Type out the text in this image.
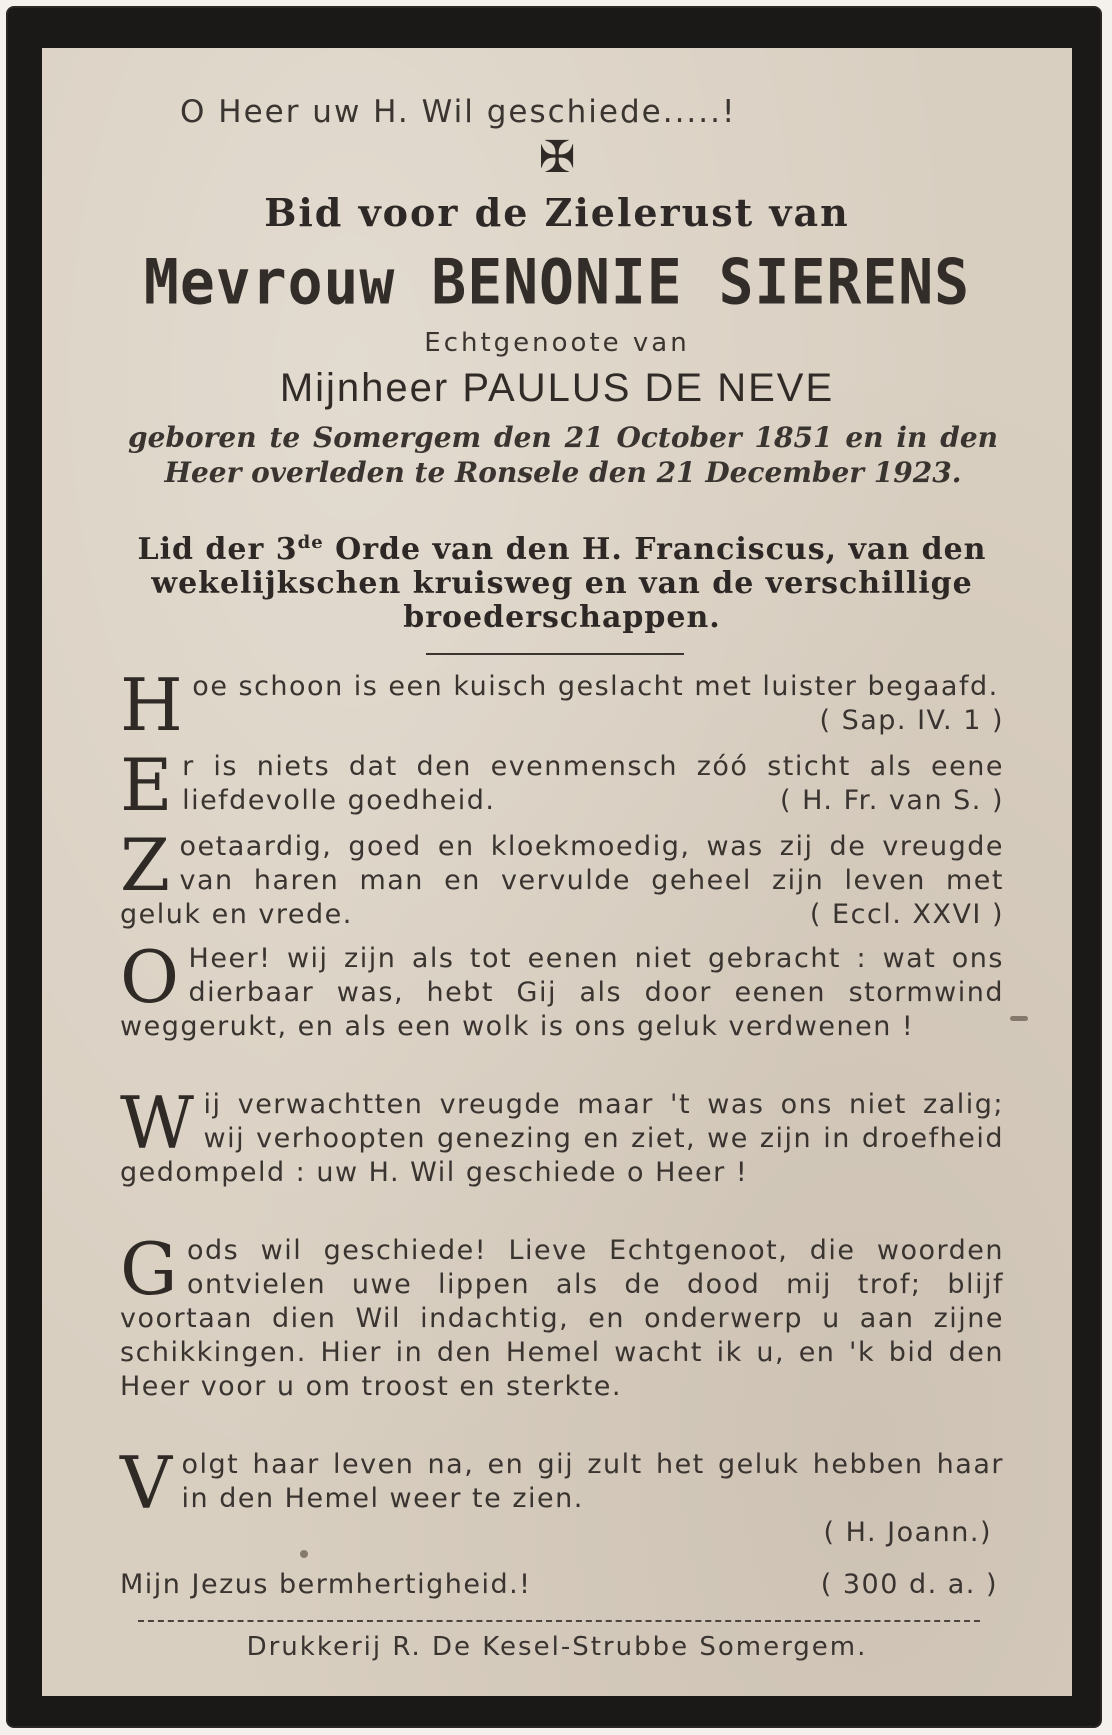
O Heer uw H. Wil geschiede.....!
✠
Bid voor de Zielerust van
Mevrouw BENONIE SIERENS
Echtgenoote van
Mijnheer PAULUS DE NEVE
geboren te Somergem den 21 October 1851 en in den Heer overleden te Ronsele den 21 December 1923.
Lid der 3de Orde van den H. Franciscus, van den wekelijkschen kruisweg en van de verschillige broederschappen.
H oe schoon is een kuisch geslacht met luister begaafd.
( Sap. IV. 1 )
E r is niets dat den evenmensch zóó sticht als eene liefdevolle goedheid.	( H. Fr. van S. )
Z oetaardig, goed en kloekmoedig, was zij de vreugde van haren man en vervulde geheel zijn leven met geluk en vrede.	( Eccl. XXVI )
O Heer! wij zijn als tot eenen niet gebracht : wat ons dierbaar was, hebt Gij als door eenen stormwind weggerukt, en als een wolk is ons geluk verdwenen !
W ij verwachtten vreugde maar 't was ons niet zalig; wij verhoopten genezing en ziet, we zijn in droefheid gedompeld : uw H. Wil geschiede o Heer !
G ods wil geschiede! Lieve Echtgenoot, die woorden ontvielen uwe lippen als de dood mij trof; blijf voortaan dien Wil indachtig, en onderwerp u aan zijne schikkingen. Hier in den Hemel wacht ik u, en 'k bid den Heer voor u om troost en sterkte.
V olgt haar leven na, en gij zult het geluk hebben haar in den Hemel weer te zien.
( H. Joann.)
Mijn Jezus bermhertigheid.!	( 300 d. a. )
Drukkerij R. De Kesel-Strubbe Somergem.
